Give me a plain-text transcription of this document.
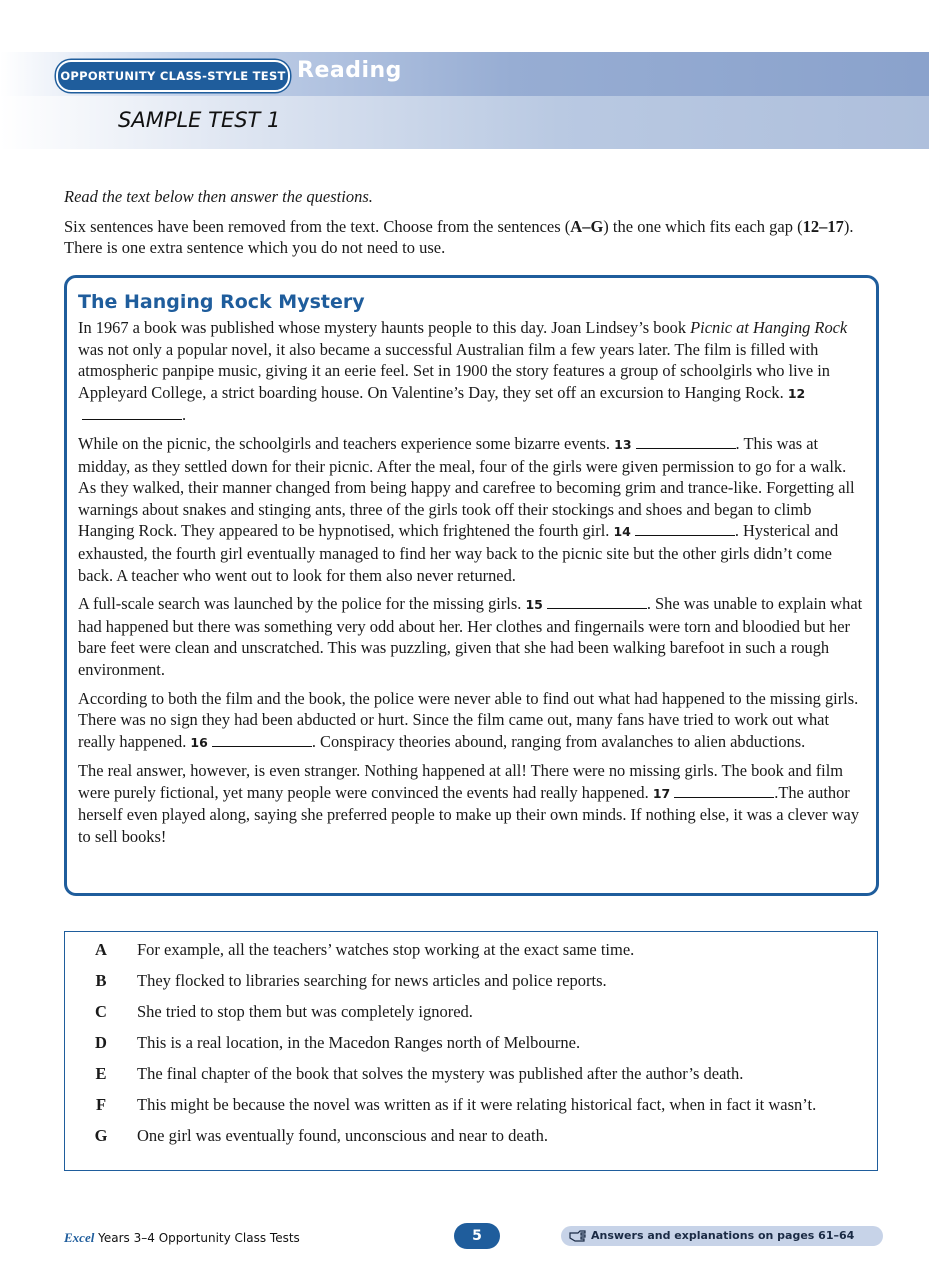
OPPORTUNITY CLASS-STYLE TEST Reading
SAMPLE TEST 1

Read the text below then answer the questions.

Six sentences have been removed from the text. Choose from the sentences (A–G) the one which fits each gap (12–17). There is one extra sentence which you do not need to use.

The Hanging Rock Mystery

In 1967 a book was published whose mystery haunts people to this day. Joan Lindsey’s book Picnic at Hanging Rock was not only a popular novel, it also became a successful Australian film a few years later. The film is filled with atmospheric panpipe music, giving it an eerie feel. Set in 1900 the story features a group of schoolgirls who live in Appleyard College, a strict boarding house. On Valentine’s Day, they set off an excursion to Hanging Rock. 12.

While on the picnic, the schoolgirls and teachers experience some bizarre events. 13	. This was at midday, as they settled down for their picnic. After the meal, four of the girls were given permission to go for a walk. As they walked, their manner changed from being happy and carefree to becoming grim and trance-like. Forgetting all warnings about snakes and stinging ants, three of the girls took off their stockings and shoes and began to climb Hanging Rock. They appeared to be hypnotised, which frightened the fourth girl. 14	. Hysterical and exhausted, the fourth girl eventually managed to find her way back to the picnic site but the other girls didn’t come back. A teacher who went out to look for them also never returned.

A full-scale search was launched by the police for the missing girls. 15	. She was unable to explain what had happened but there was something very odd about her. Her clothes and fingernails were torn and bloodied but her bare feet were clean and unscratched. This was puzzling, given that she had been walking barefoot in such a rough environment.

According to both the film and the book, the police were never able to find out what had happened to the missing girls. There was no sign they had been abducted or hurt. Since the film came out, many fans have tried to work out what really happened. 16	. Conspiracy theories abound, ranging from avalanches to alien abductions.

The real answer, however, is even stranger. Nothing happened at all! There were no missing girls. The book and film were purely fictional, yet many people were convinced the events had really happened. 17	.The author herself even played along, saying she preferred people to make up their own minds. If nothing else, it was a clever way to sell books!

A	For example, all the teachers’ watches stop working at the exact same time.
B	They flocked to libraries searching for news articles and police reports.
C	She tried to stop them but was completely ignored.
D	This is a real location, in the Macedon Ranges north of Melbourne.
E	The final chapter of the book that solves the mystery was published after the author’s death.
F	This might be because the novel was written as if it were relating historical fact, when in fact it wasn’t.
G	One girl was eventually found, unconscious and near to death.
Excel Years 3–4 Opportunity Class Tests	5	Answers and explanations on pages 61–64
